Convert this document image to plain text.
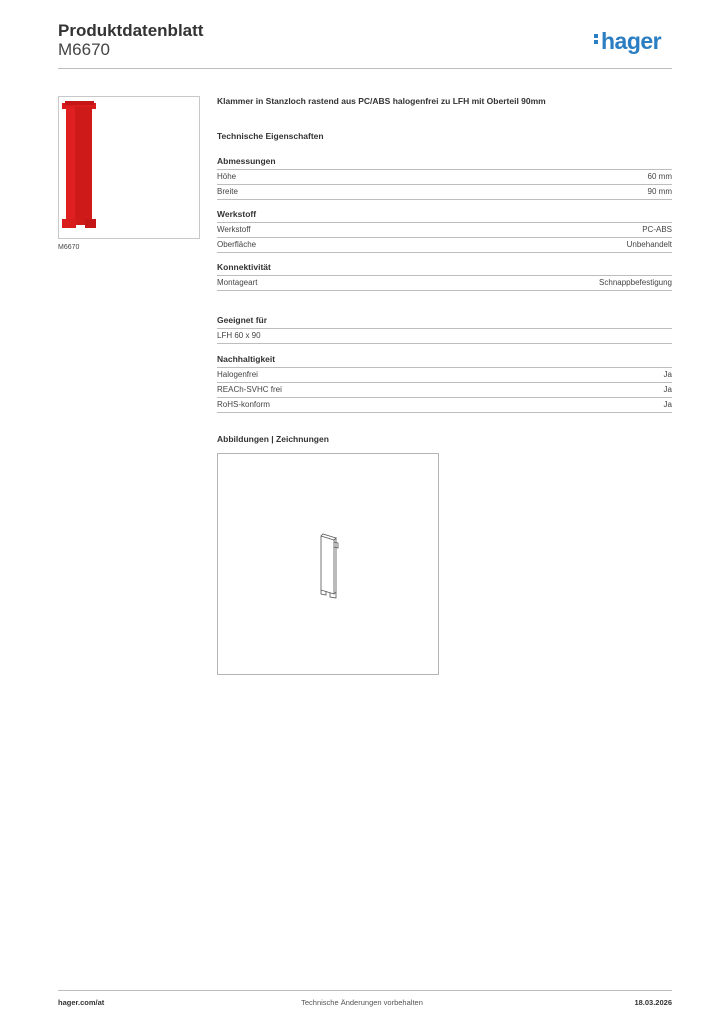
Produktdatenblatt
M6670	hager
M6670
Klammer in Stanzloch rastend aus PC/ABS halogenfrei zu LFH mit Oberteil 90mm
Technische Eigenschaften
Abmessungen
Höhe	60 mm
Breite	90 mm
Werkstoff
Werkstoff	PC-ABS
Oberfläche	Unbehandelt
Konnektivität
Montageart	Schnappbefestigung
Geeignet für
LFH 60 x 90
Nachhaltigkeit
Halogenfrei	Ja
REACh-SVHC frei	Ja
RoHS-konform	Ja
Abbildungen | Zeichnungen
hager.com/at	Technische Änderungen vorbehalten	18.03.2026
